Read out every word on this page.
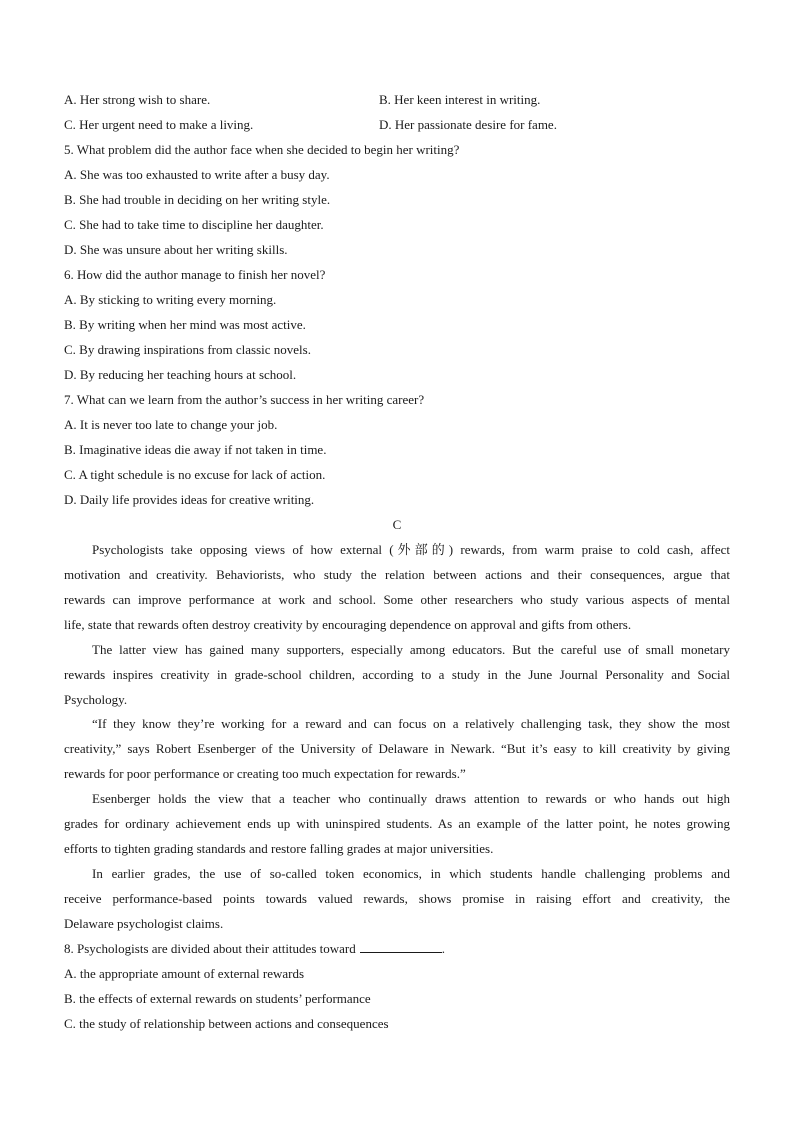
A. Her strong wish to share.	B. Her keen interest in writing.
C. Her urgent need to make a living.	D. Her passionate desire for fame.
5. What problem did the author face when she decided to begin her writing?
A. She was too exhausted to write after a busy day.
B. She had trouble in deciding on her writing style.
C. She had to take time to discipline her daughter.
D. She was unsure about her writing skills.
6. How did the author manage to finish her novel?
A. By sticking to writing every morning.
B. By writing when her mind was most active.
C. By drawing inspirations from classic novels.
D. By reducing her teaching hours at school.
7. What can we learn from the author’s success in her writing career?
A. It is never too late to change your job.
B. Imaginative ideas die away if not taken in time.
C. A tight schedule is no excuse for lack of action.
D. Daily life provides ideas for creative writing.
C
Psychologists take opposing views of how external (外部的) rewards, from warm praise to cold cash, affect
motivation and creativity. Behaviorists, who study the relation between actions and their consequences, argue that
rewards can improve performance at work and school. Some other researchers who study various aspects of mental
life, state that rewards often destroy creativity by encouraging dependence on approval and gifts from others.
The latter view has gained many supporters, especially among educators. But the careful use of small monetary
rewards inspires creativity in grade-school children, according to a study in the June Journal Personality and Social
Psychology.
“If they know they’re working for a reward and can focus on a relatively challenging task, they show the most
creativity,” says Robert Esenberger of the University of Delaware in Newark. “But it’s easy to kill creativity by giving
rewards for poor performance or creating too much expectation for rewards.”
Esenberger holds the view that a teacher who continually draws attention to rewards or who hands out high
grades for ordinary achievement ends up with uninspired students. As an example of the latter point, he notes growing
efforts to tighten grading standards and restore falling grades at major universities.
In earlier grades, the use of so-called token economics, in which students handle challenging problems and
receive performance-based points towards valued rewards, shows promise in raising effort and creativity, the
Delaware psychologist claims.
8. Psychologists are divided about their attitudes toward	.
A. the appropriate amount of external rewards
B. the effects of external rewards on students’ performance
C. the study of relationship between actions and consequences
